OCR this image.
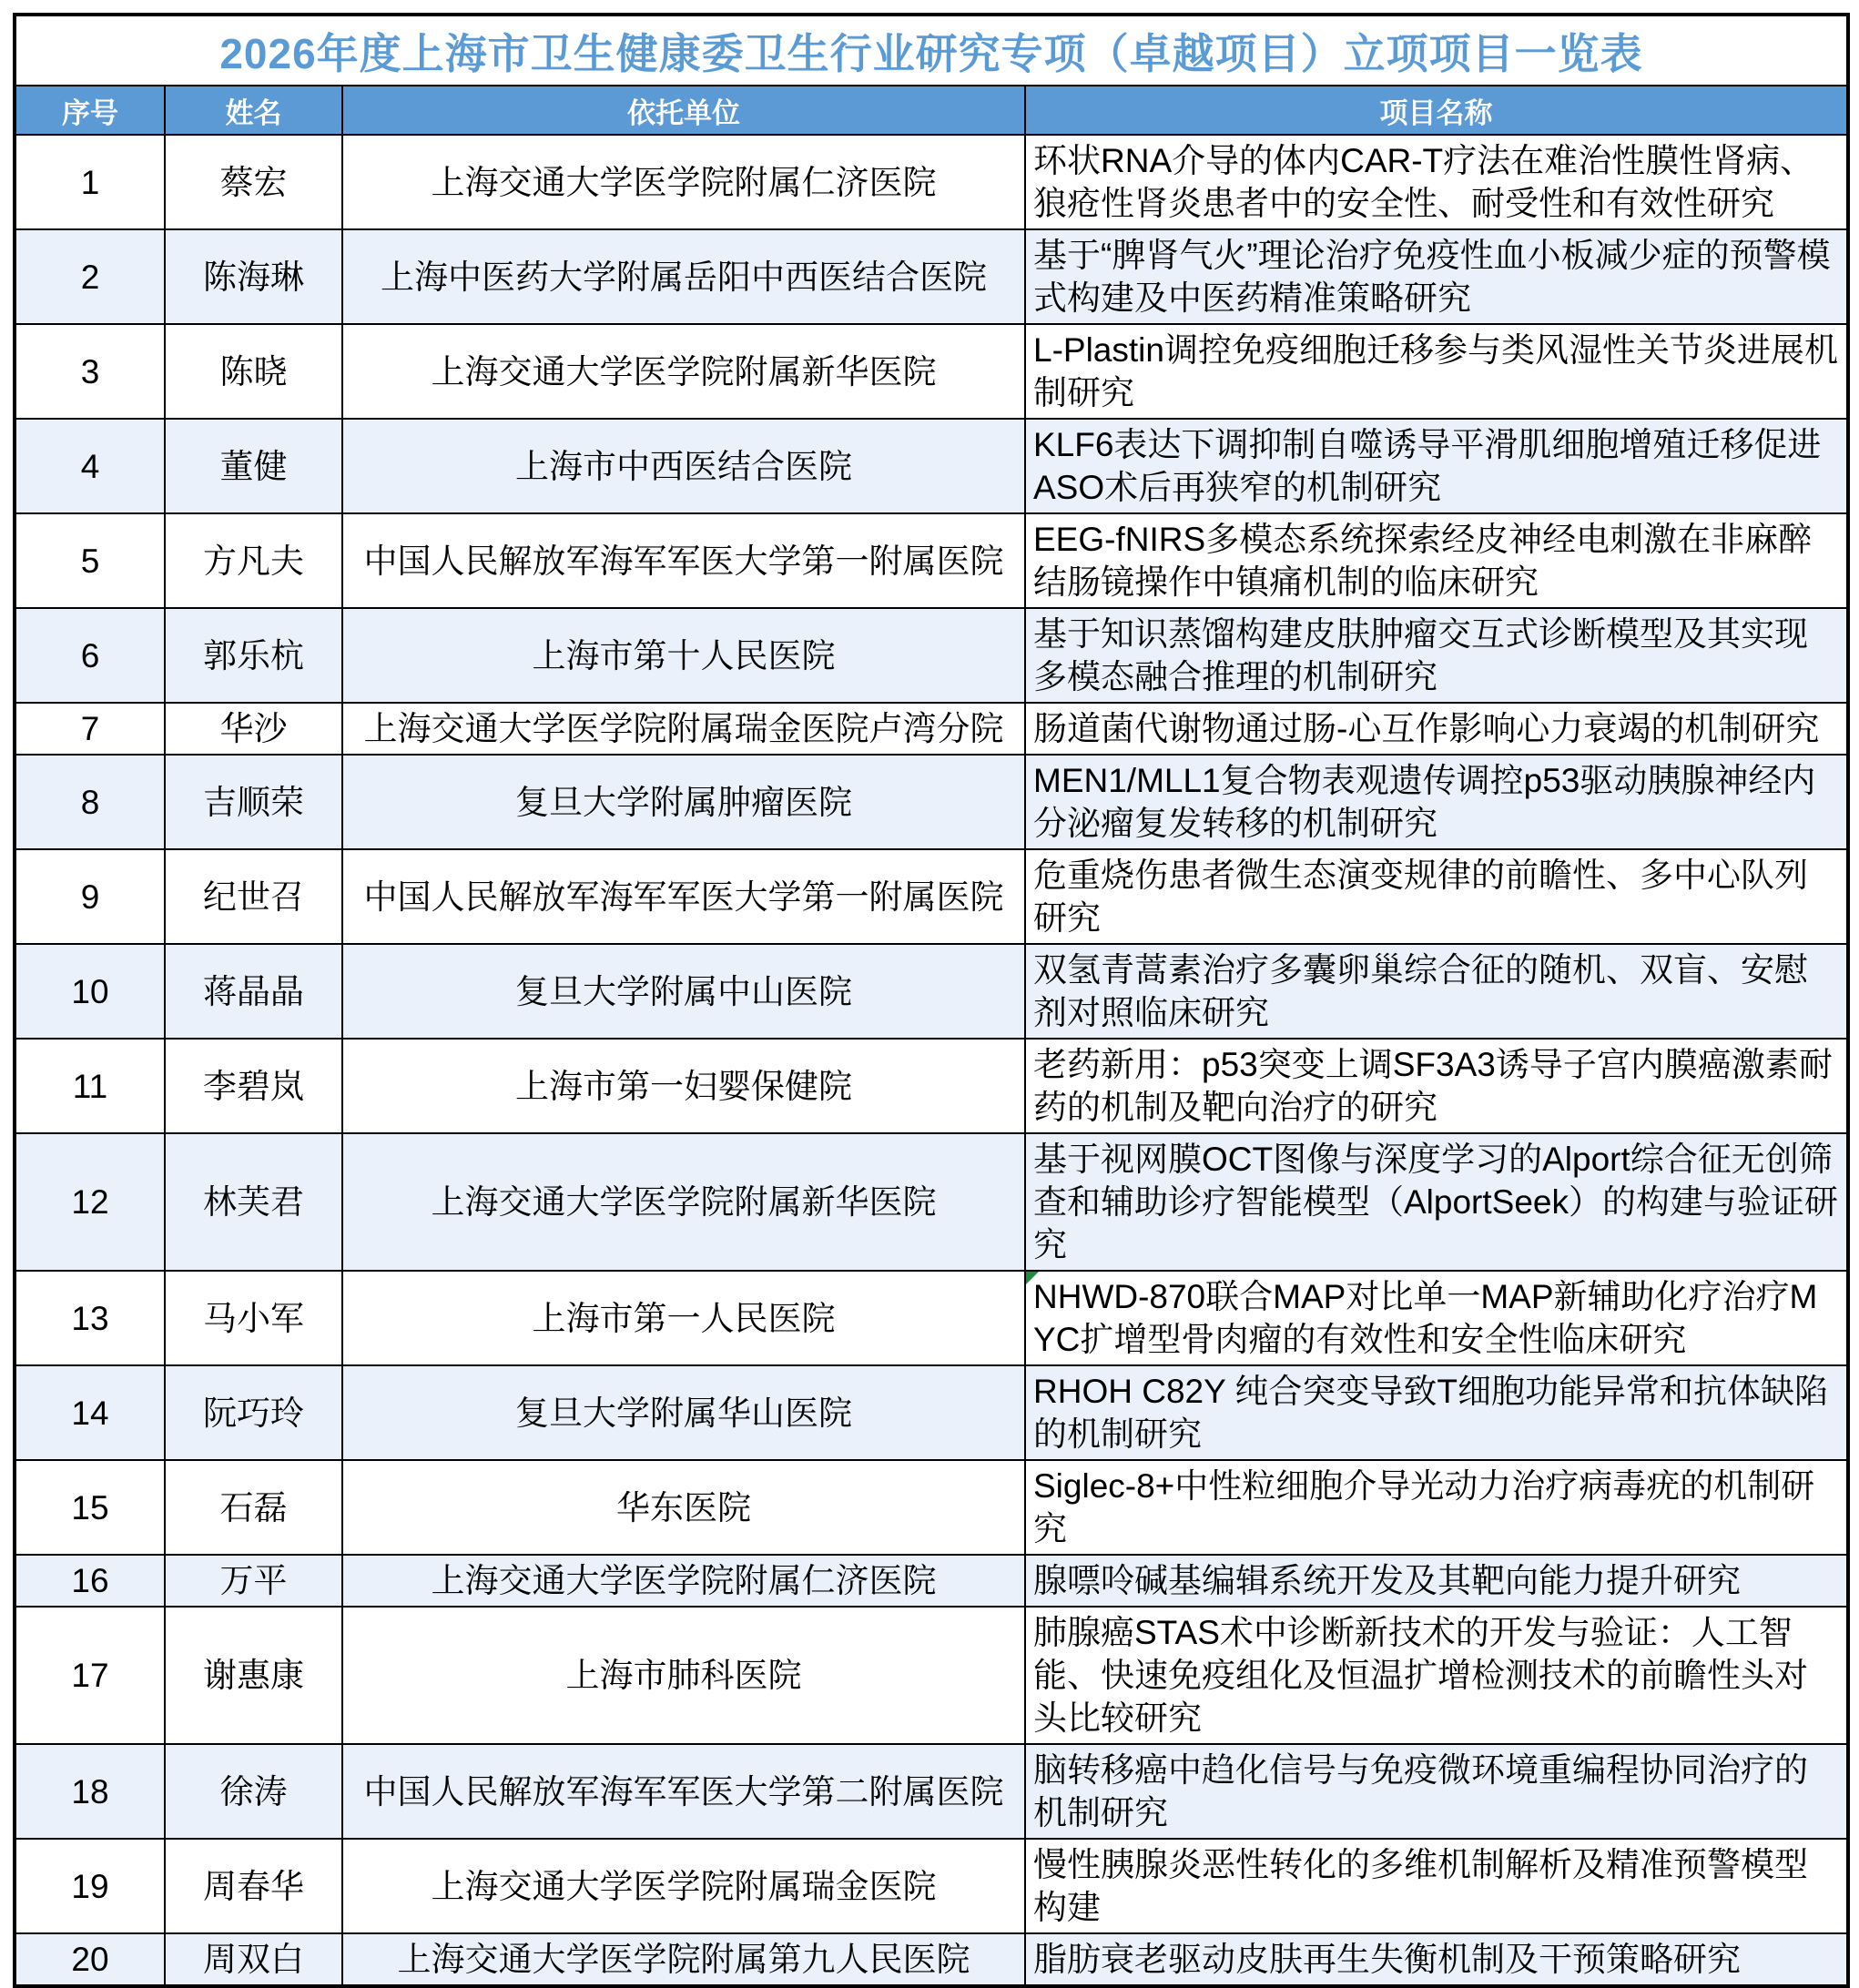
2026年度上海市卫生健康委卫生行业研究专项（卓越项目）立项项目一览表			
序号	姓名	依托单位	项目名称
1	蔡宏	上海交通大学医学院附属仁济医院	环状RNA介导的体内CAR-T疗法在难治性膜性肾病、狼疮性肾炎患者中的安全性、耐受性和有效性研究
2	陈海琳	上海中医药大学附属岳阳中西医结合医院	基于“脾肾气火”理论治疗免疫性血小板减少症的预警模式构建及中医药精准策略研究
3	陈晓	上海交通大学医学院附属新华医院	L-Plastin调控免疫细胞迁移参与类风湿性关节炎进展机制研究
4	董健	上海市中西医结合医院	KLF6表达下调抑制自噬诱导平滑肌细胞增殖迁移促进ASO术后再狭窄的机制研究
5	方凡夫	中国人民解放军海军军医大学第一附属医院	EEG-fNIRS多模态系统探索经皮神经电刺激在非麻醉结肠镜操作中镇痛机制的临床研究
6	郭乐杭	上海市第十人民医院	基于知识蒸馏构建皮肤肿瘤交互式诊断模型及其实现多模态融合推理的机制研究
7	华沙	上海交通大学医学院附属瑞金医院卢湾分院	肠道菌代谢物通过肠-心互作影响心力衰竭的机制研究
8	吉顺荣	复旦大学附属肿瘤医院	MEN1/MLL1复合物表观遗传调控p53驱动胰腺神经内分泌瘤复发转移的机制研究
9	纪世召	中国人民解放军海军军医大学第一附属医院	危重烧伤患者微生态演变规律的前瞻性、多中心队列研究
10	蒋晶晶	复旦大学附属中山医院	双氢青蒿素治疗多囊卵巢综合征的随机、双盲、安慰剂对照临床研究
11	李碧岚	上海市第一妇婴保健院	老药新用：p53突变上调SF3A3诱导子宫内膜癌激素耐药的机制及靶向治疗的研究
12	林芙君	上海交通大学医学院附属新华医院	基于视网膜OCT图像与深度学习的Alport综合征无创筛查和辅助诊疗智能模型（AlportSeek）的构建与验证研究
13	马小军	上海市第一人民医院	NHWD-870联合MAP对比单一MAP新辅助化疗治疗MYC扩增型骨肉瘤的有效性和安全性临床研究

14	阮巧玲	复旦大学附属华山医院	RHOH C82Y 纯合突变导致T细胞功能异常和抗体缺陷的机制研究
15	石磊	华东医院	Siglec-8+中性粒细胞介导光动力治疗病毒疣的机制研究
16	万平	上海交通大学医学院附属仁济医院	腺嘌呤碱基编辑系统开发及其靶向能力提升研究
17	谢惠康	上海市肺科医院	肺腺癌STAS术中诊断新技术的开发与验证：人工智能、快速免疫组化及恒温扩增检测技术的前瞻性头对头比较研究
18	徐涛	中国人民解放军海军军医大学第二附属医院	脑转移癌中趋化信号与免疫微环境重编程协同治疗的机制研究
19	周春华	上海交通大学医学院附属瑞金医院	慢性胰腺炎恶性转化的多维机制解析及精准预警模型构建
20	周双白	上海交通大学医学院附属第九人民医院	脂肪衰老驱动皮肤再生失衡机制及干预策略研究
